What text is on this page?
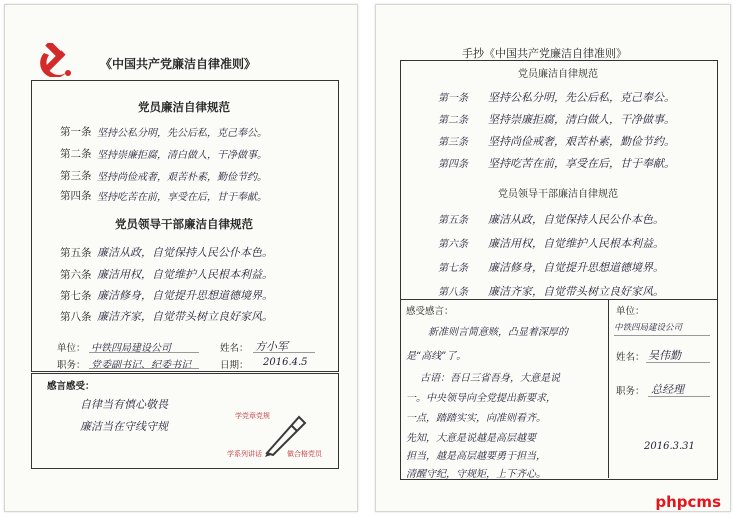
《中国共产党廉洁自律准则》
党员廉洁自律规范
第一条 坚持公私分明，先公后私，克己奉公。
第二条 坚持崇廉拒腐，清白做人，干净做事。
第三条 坚持尚俭戒奢，艰苦朴素，勤俭节约。
第四条 坚持吃苦在前，享受在后，甘于奉献。
党员领导干部廉洁自律规范
第五条 廉洁从政，自觉保持人民公仆本色。
第六条 廉洁用权，自觉维护人民根本利益。
第七条 廉洁修身，自觉提升思想道德境界。
第八条 廉洁齐家，自觉带头树立良好家风。
单位： 中铁四局建设公司	姓名： 方小军
职务： 党委副书记、纪委书记	日期： 2016.4.5
感言感受：
自律当有慎心敬畏
廉洁当在守线守规
学党章党规
学系列讲话	做合格党员
手抄《中国共产党廉洁自律准则》
党员廉洁自律规范
第一条 坚持公私分明，先公后私，克己奉公。
第二条 坚持崇廉拒腐，清白做人，干净做事。
第三条 坚持尚俭戒奢，艰苦朴素，勤俭节约。
第四条 坚持吃苦在前，享受在后，甘于奉献。
党员领导干部廉洁自律规范
第五条 廉洁从政，自觉保持人民公仆本色。
第六条 廉洁用权，自觉维护人民根本利益。
第七条 廉洁修身，自觉提升思想道德境界。
第八条 廉洁齐家，自觉带头树立良好家风。
感受感言：
新准则言简意赅，凸显着深厚的
是“高线”了。
古语：吾日三省吾身，大意是说
一。中央领导向全党提出新要求，
一点，踏踏实实，向准则看齐。
先知，大意是说越是高层越要
担当，越是高层越要勇于担当，
清醒守纪，守规矩，上下齐心。
单位：
中铁四局建设公司
姓名： 吴伟勤
职务： 总经理
2016.3.31
phpcms
